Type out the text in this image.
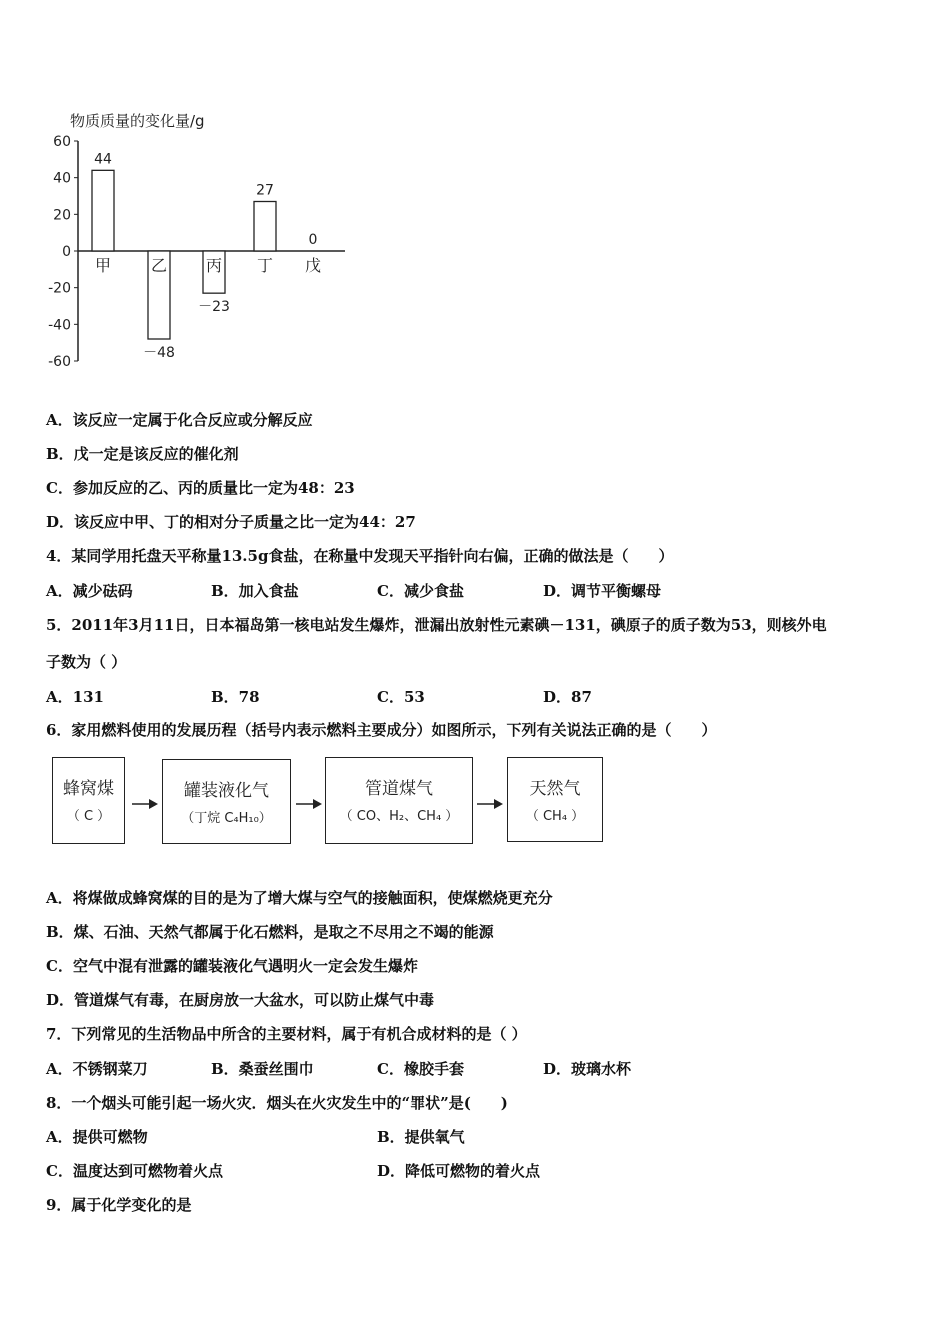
物质质量的变化量/g
60
40
20
0
-20
-40
-60
甲
44
乙
－48
丙
－23
丁
27
戊
0
A．该反应一定属于化合反应或分解反应
B．戊一定是该反应的催化剂
C．参加反应的乙、丙的质量比一定为48：23
D．该反应中甲、丁的相对分子质量之比一定为44：27
4．某同学用托盘天平称量13.5g食盐，在称量中发现天平指针向右偏，正确的做法是（　　）
A．减少砝码	B．加入食盐	C．减少食盐	D．调节平衡螺母
5．2011年3月11日，日本福岛第一核电站发生爆炸，泄漏出放射性元素碘－131，碘原子的质子数为53，则核外电
子数为（ ）
A．131	B．78	C．53	D．87
6．家用燃料使用的发展历程（括号内表示燃料主要成分）如图所示，下列有关说法正确的是（　　）
蜂窝煤
（ C ）
罐装液化气
（丁烷 C₄H₁₀）
管道煤气
（ CO、H₂、CH₄ ）
天然气
（ CH₄ ）
A．将煤做成蜂窝煤的目的是为了增大煤与空气的接触面积，使煤燃烧更充分
B．煤、石油、天然气都属于化石燃料，是取之不尽用之不竭的能源
C．空气中混有泄露的罐装液化气遇明火一定会发生爆炸
D．管道煤气有毒，在厨房放一大盆水，可以防止煤气中毒
7．下列常见的生活物品中所含的主要材料，属于有机合成材料的是（ ）
A．不锈钢菜刀	B．桑蚕丝围巾	C．橡胶手套	D．玻璃水杯
8．一个烟头可能引起一场火灾．烟头在火灾发生中的“罪状”是(　　)
A．提供可燃物	B．提供氧气
C．温度达到可燃物着火点	D．降低可燃物的着火点
9．属于化学变化的是
